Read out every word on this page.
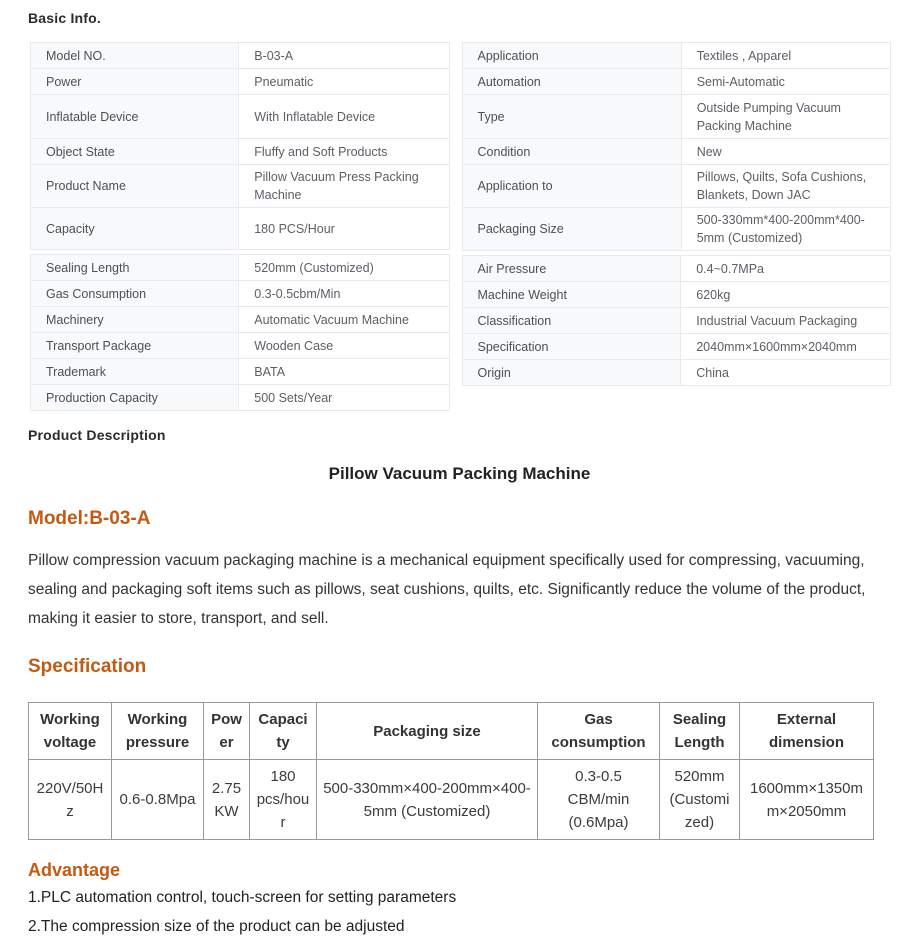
Basic Info.
Model NO.	B-03-A
Power	Pneumatic
Inflatable Device	With Inflatable Device
Object State	Fluffy and Soft Products
Product Name	Pillow Vacuum Press Packing Machine
Capacity	180 PCS/Hour
Sealing Length	520mm (Customized)
Gas Consumption	0.3-0.5cbm/Min
Machinery	Automatic Vacuum Machine
Transport Package	Wooden Case
Trademark	BATA
Production Capacity	500 Sets/Year
Application	Textiles , Apparel
Automation	Semi-Automatic
Type	Outside Pumping Vacuum Packing Machine
Condition	New
Application to	Pillows, Quilts, Sofa Cushions, Blankets, Down JAC
Packaging Size	500-330mm*400-200mm*400-5mm (Customized)
Air Pressure	0.4~0.7MPa
Machine Weight	620kg
Classification	Industrial Vacuum Packaging
Specification	2040mm×1600mm×2040mm
Origin	China
Product Description
Pillow Vacuum Packing Machine
Model:B-03-A

Pillow compression vacuum packaging machine is a mechanical equipment specifically used for compressing, vacuuming, sealing and packaging soft items such as pillows, seat cushions, quilts, etc. Significantly reduce the volume of the product, making it easier to store, transport, and sell.

Specification
Working voltage	Working pressure	Power	Capacity	Packaging size	Gas consumption	Sealing Length	External dimension
220V/50Hz	0.6-0.8Mpa	2.75KW	180 pcs/hour	500-330mm×400-200mm×400-5mm (Customized)	0.3-0.5 CBM/min (0.6Mpa)	520mm (Customized)	1600mm×1350mm×2050mm
Advantage
1.PLC automation control, touch-screen for setting parameters
2.The compression size of the product can be adjusted
